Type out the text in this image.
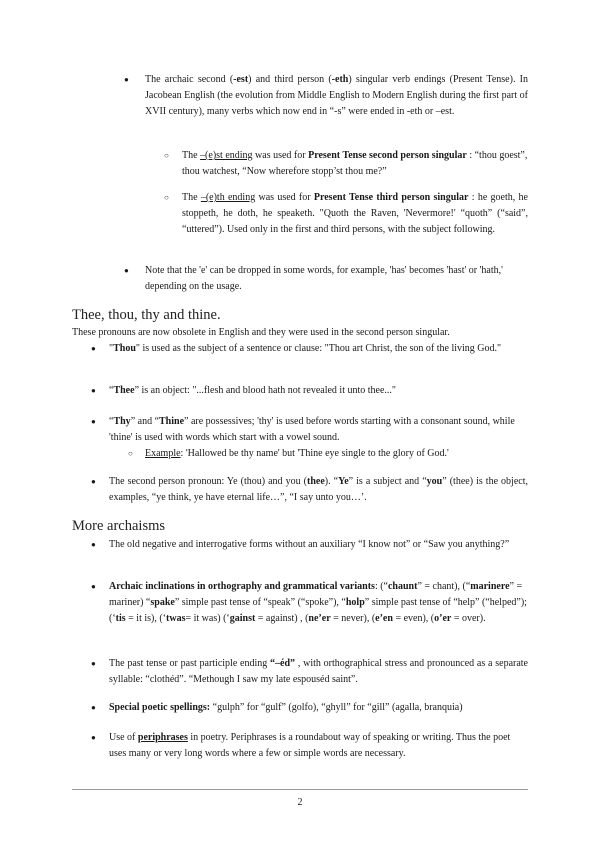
● The archaic second (-est) and third person (-eth) singular verb endings (Present Tense). In Jacobean English (the evolution from Middle English to Modern English during the first part of XVII century), many verbs which now end in “-s” were ended in -eth or –est.
○ The –(e)st ending was used for Present Tense second person singular : “thou goest”, thou watchest, “Now wherefore stopp’st thou me?”
○ The –(e)th ending was used for Present Tense third person singular : he goeth, he stoppeth, he doth, he speaketh. "Quoth the Raven, 'Nevermore!' “quoth” (“said”, “uttered”). Used only in the first and third persons, with the subject following.
● Note that the 'e' can be dropped in some words, for example, 'has' becomes 'hast' or 'hath,' depending on the usage.
Thee, thou, thy and thine.
These pronouns are now obsolete in English and they were used in the second person singular.
● "Thou" is used as the subject of a sentence or clause: "Thou art Christ, the son of the living God."
● “Thee” is an object: "...flesh and blood hath not revealed it unto thee..."
● “Thy” and “Thine” are possessives; 'thy' is used before words starting with a consonant sound, while 'thine' is used with words which start with a vowel sound.
○ Example: 'Hallowed be thy name' but 'Thine eye single to the glory of God.'
● The second person pronoun: Ye (thou) and you (thee). “Ye” is a subject and “you” (thee) is the object, examples, “ye think, ye have eternal life…”, “I say unto you…’.
More archaisms
● The old negative and interrogative forms without an auxiliary “I know not” or “Saw you anything?”
● Archaic inclinations in orthography and grammatical variants: (“chaunt” = chant), (“marinere” = mariner) “spake” simple past tense of “speak” (“spoke”), “holp” simple past tense of “help” (“helped”); (‘tis = it is), (‘twas= it was) (‘gainst = against) , (ne’er = never), (e’en = even), (o’er = over).
● The past tense or past participle ending “–éd” , with orthographical stress and pronounced as a separate syllable: “clothéd”. “Methough I saw my late espouséd saint”.
● Special poetic spellings: “gulph” for “gulf” (golfo), “ghyll” for “gill” (agalla, branquia)
● Use of periphrases in poetry. Periphrases is a roundabout way of speaking or writing. Thus the poet uses many or very long words where a few or simple words are necessary.
2
